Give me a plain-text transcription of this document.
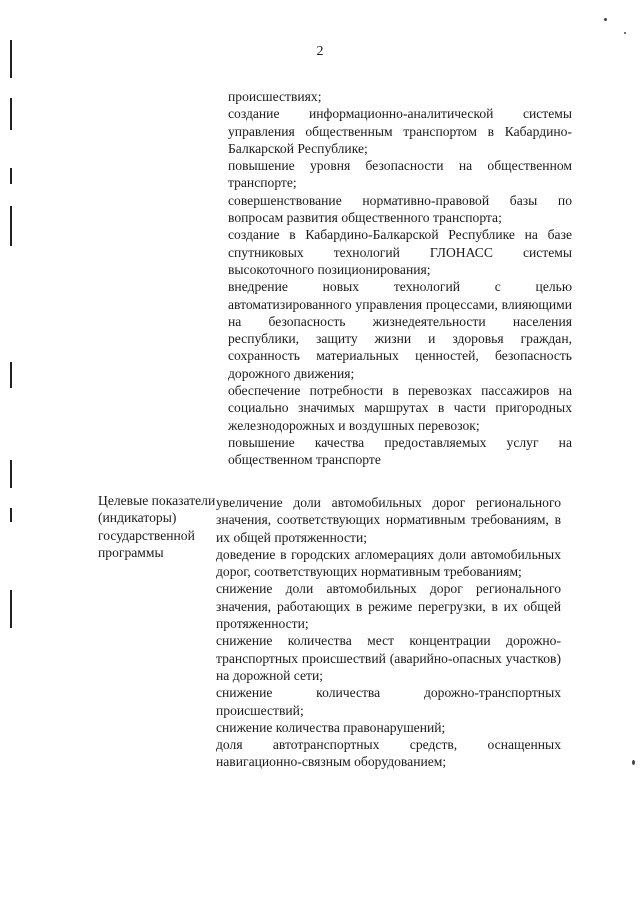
2

происшествиях;

создание информационно-аналитической системы управления общественным транспортом в Кабардино-Балкарской Республике;

повышение уровня безопасности на общественном транспорте;

совершенствование нормативно-правовой базы по вопросам развития общественного транспорта;

создание в Кабардино-Балкарской Республике на базе спутниковых технологий ГЛОНАСС системы высокоточного позиционирования;

внедрение новых технологий с целью автоматизированного управления процессами, влияющими на безопасность жизнедеятельности населения республики, защиту жизни и здоровья граждан, сохранность материальных ценностей, безопасность дорожного движения;

обеспечение потребности в перевозках пассажиров на социально значимых маршрутах в части пригородных железнодорожных и воздушных перевозок;

повышение качества предоставляемых услуг на общественном транспорте

Целевые показатели (индикаторы) государственной программы

увеличение доли автомобильных дорог регионального значения, соответствующих нормативным требованиям, в их общей протяженности;

доведение в городских агломерациях доли автомобильных дорог, соответствующих нормативным требованиям;

снижение доли автомобильных дорог регионального значения, работающих в режиме перегрузки, в их общей протяженности;

снижение количества мест концентрации дорожно-транспортных происшествий (аварийно-опасных участков) на дорожной сети;

снижение количества дорожно-транспортных происшествий;

снижение количества правонарушений;

доля автотранспортных средств, оснащенных навигационно-связным оборудованием;
